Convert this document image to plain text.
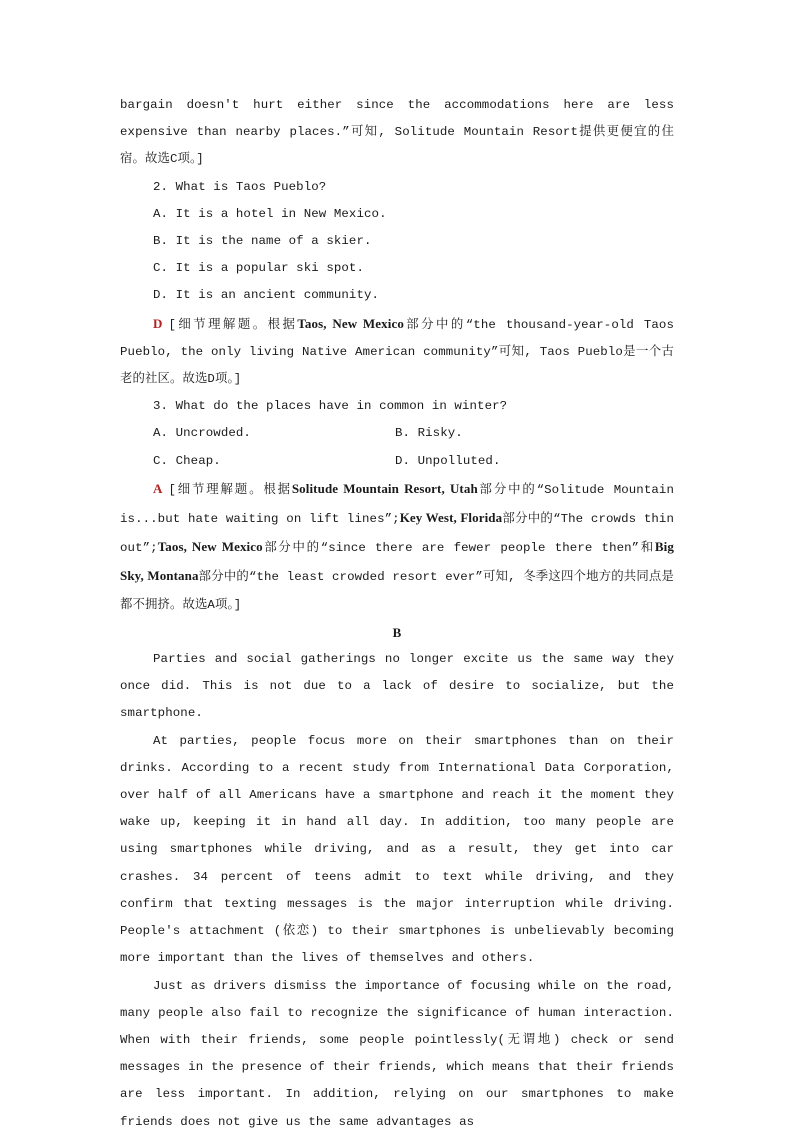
bargain doesn't hurt either since the accommodations here are less expensive than nearby places.”可知, Solitude Mountain Resort提供更便宜的住宿。故选C项。]

2. What is Taos Pueblo?

A. It is a hotel in New Mexico.

B. It is the name of a skier.

C. It is a popular ski spot.

D. It is an ancient community.

D [细节理解题。根据Taos, New Mexico部分中的“the thousand-year-old Taos Pueblo, the only living Native American community”可知, Taos Pueblo是一个古老的社区。故选D项。]

3. What do the places have in common in winter?

A. Uncrowded.	B. Risky.
C. Cheap.	D. Unpolluted.

A [细节理解题。根据Solitude Mountain Resort, Utah部分中的“Solitude Mountain is...but hate waiting on lift lines”;Key West, Florida部分中的“The crowds thin out”;Taos, New Mexico部分中的“since there are fewer people there then”和Big Sky, Montana部分中的“the least crowded resort ever”可知, 冬季这四个地方的共同点是都不拥挤。故选A项。]

B

Parties and social gatherings no longer excite us the same way they once did. This is not due to a lack of desire to socialize, but the smartphone.

At parties, people focus more on their smartphones than on their drinks. According to a recent study from International Data Corporation, over half of all Americans have a smartphone and reach it the moment they wake up, keeping it in hand all day. In addition, too many people are using smartphones while driving, and as a result, they get into car crashes. 34 percent of teens admit to text while driving, and they confirm that texting messages is the major interruption while driving. People's attachment (依恋) to their smartphones is unbelievably becoming more important than the lives of themselves and others.

Just as drivers dismiss the importance of focusing while on the road, many people also fail to recognize the significance of human interaction. When with their friends, some people pointlessly(无谓地) check or send messages in the presence of their friends, which means that their friends are less important. In addition, relying on our smartphones to make friends does not give us the same advantages as
